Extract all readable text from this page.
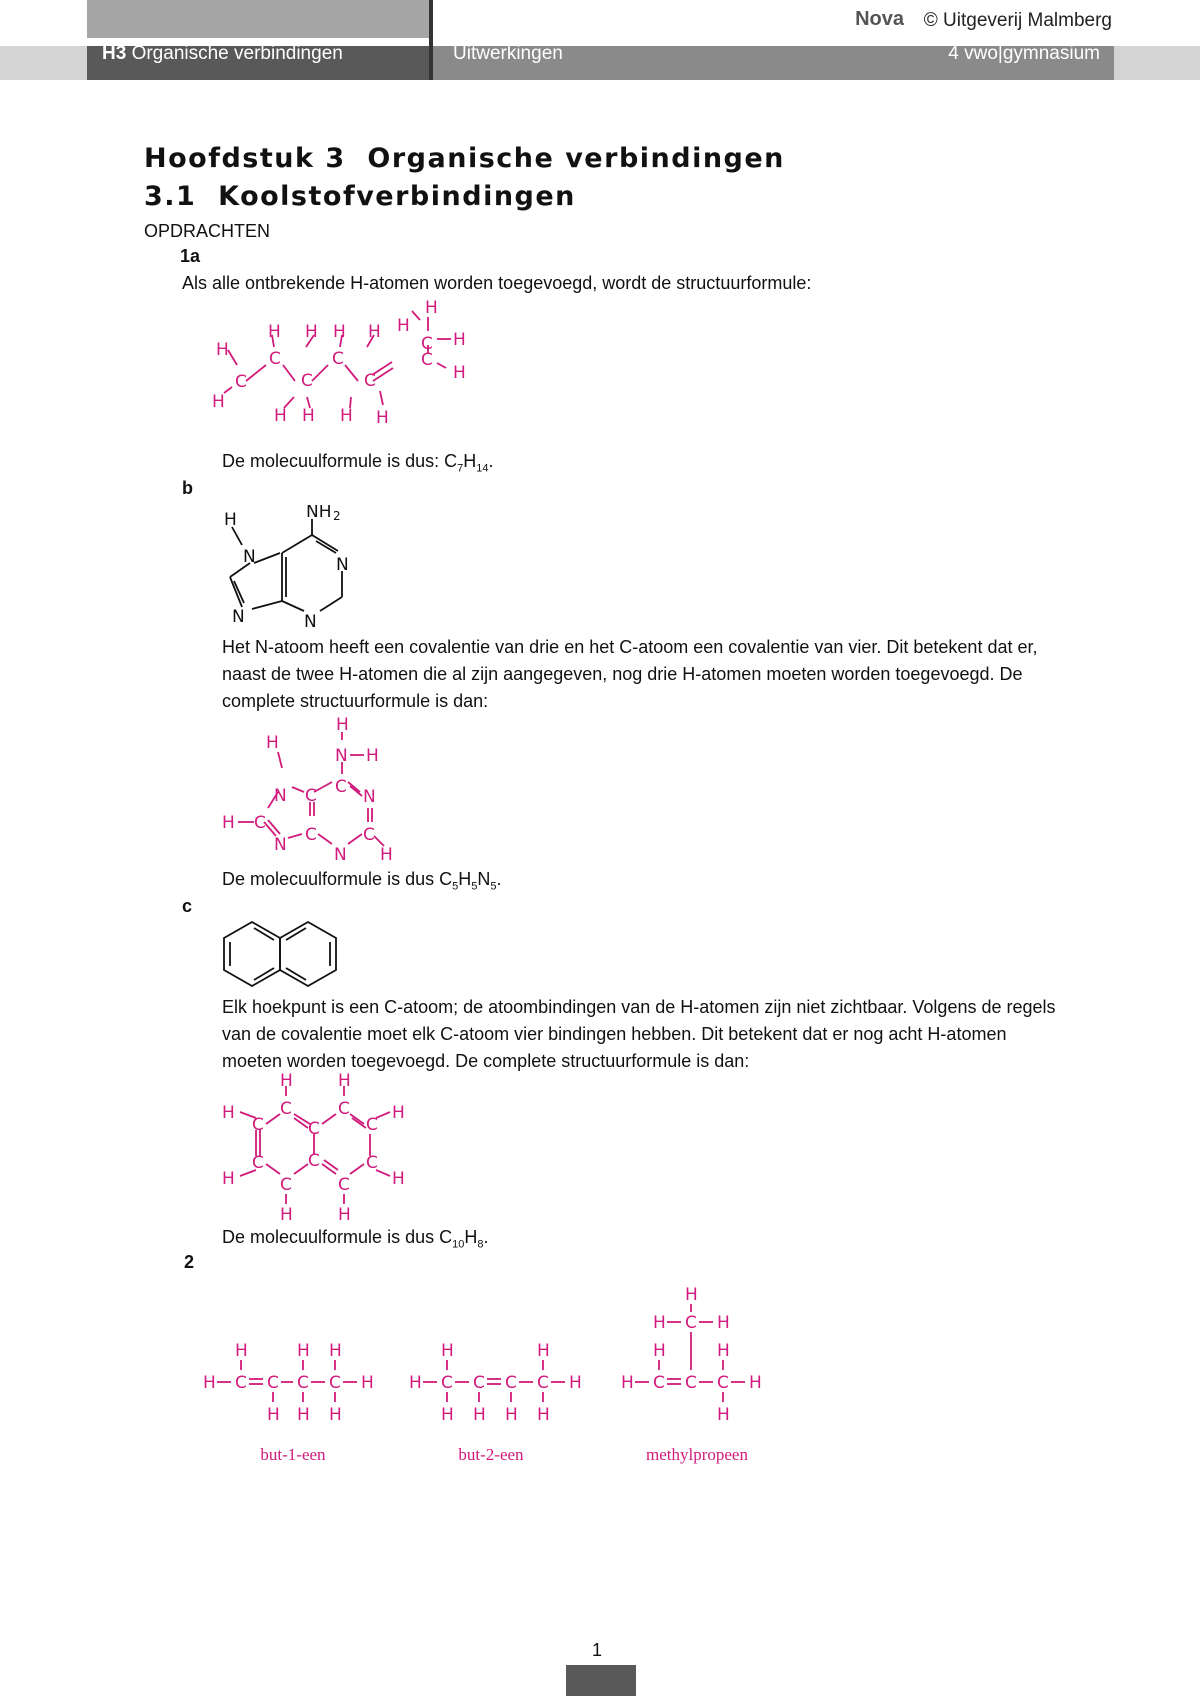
H3 Organische verbindingen	Uitwerkingen	4 vwo|gymnasium
Nova © Uitgeverij Malmberg
Hoofdstuk 3  Organische verbindingen
3.1  Koolstofverbindingen
OPDRACHTEN
1a
Als alle ontbrekende H-atomen worden toegevoegd, wordt de structuurformule:
H
H
C H
C
H
C
C
C
C
C
H
H
H H H H
H H H H
De molecuulformule is dus: $C_7H_{14}$.
b
H
N
NH 2
N
N	N
Het N-atoom heeft een covalentie van drie en het C-atoom een covalentie van vier. Dit betekent dat er, naast de twee H-atomen die al zijn aangegeven, nog drie H-atomen moeten worden toegevoegd. De complete structuurformule is dan:
H
N H
C
H
N C	N
H C
C	C
N	N H
De molecuulformule is dus $C_5H_5N_5$.
c
Elk hoekpunt is een C-atoom; de atoombindingen van de H-atomen zijn niet zichtbaar. Volgens de regels van de covalentie moet elk C-atoom vier bindingen hebben. Dit betekent dat er nog acht H-atomen moeten worden toegevoegd. De complete structuurformule is dan:
H	H
H	H
C	C
C	C	C
C	C	C
H	H
C	C
H	H
De molecuulformule is dus $C_{10}H_8$.
2
H	H H
H C C C C H
H H H
H	H
H C C C C H
H H H H
H
H C H
H	H
H C C C H
H
but-1-een	but-2-een	methylpropeen
1
